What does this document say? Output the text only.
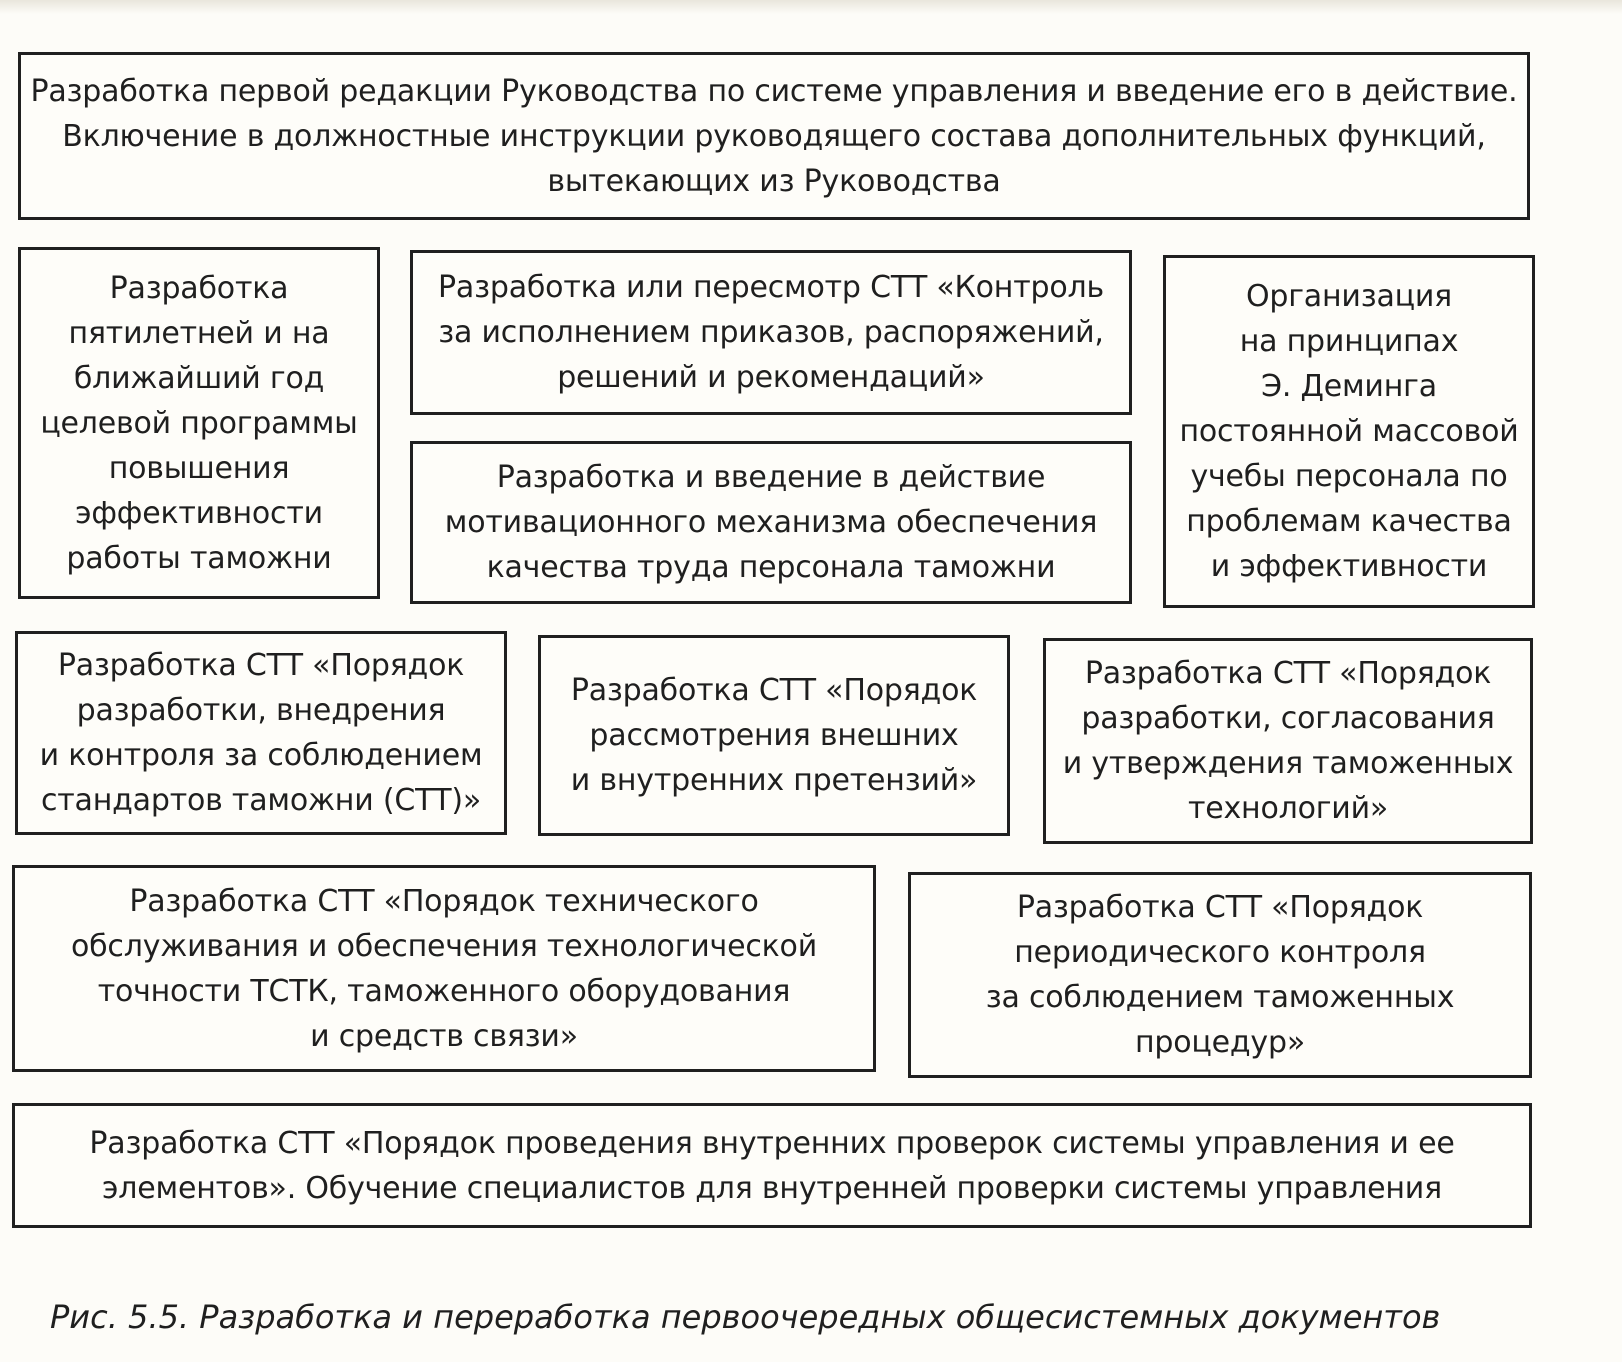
Разработка первой редакции Руководства по системе управления и введение его в действие.
Включение в должностные инструкции руководящего состава дополнительных функций,
вытекающих из Руководства
Разработка
пятилетней и на
ближайший год
целевой программы
повышения
эффективности
работы таможни
Разработка или пересмотр СТТ «Контроль
за исполнением приказов, распоряжений,
решений и рекомендаций»
Разработка и введение в действие
мотивационного механизма обеспечения
качества труда персонала таможни
Организация
на принципах
Э. Деминга
постоянной массовой
учебы персонала по
проблемам качества
и эффективности
Разработка СТТ «Порядок
разработки, внедрения
и контроля за соблюдением
стандартов таможни (СТТ)»
Разработка СТТ «Порядок
рассмотрения внешних
и внутренних претензий»
Разработка СТТ «Порядок
разработки, согласования
и утверждения таможенных
технологий»
Разработка СТТ «Порядок технического
обслуживания и обеспечения технологической
точности ТСТК, таможенного оборудования
и средств связи»
Разработка СТТ «Порядок
периодического контроля
за соблюдением таможенных
процедур»
Разработка СТТ «Порядок проведения внутренних проверок системы управления и ее
элементов». Обучение специалистов для внутренней проверки системы управления
Рис. 5.5. Разработка и переработка первоочередных общесистемных документов
